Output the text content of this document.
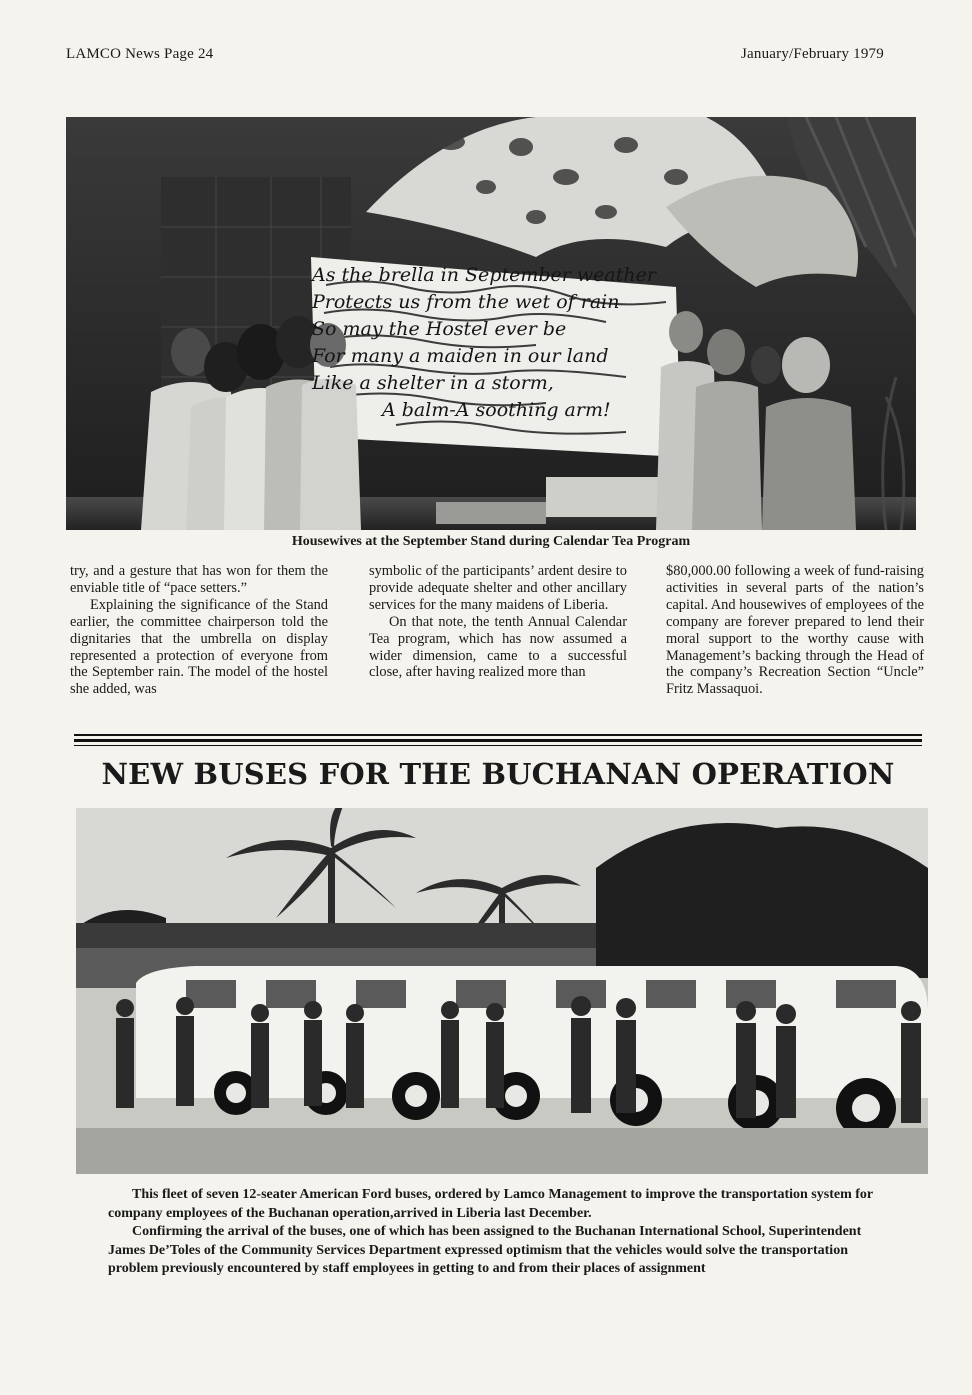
LAMCO News Page 24	January/February 1979
Housewives at the September Stand during Calendar Tea Program

try, and a gesture that has won for them the enviable title of “pace setters.”

Explaining the significance of the Stand earlier, the committee chairperson told the dignitaries that the umbrella on display represented a protection of everyone from the September rain. The model of the hostel she added, was

symbolic of the participants’ ardent desire to provide adequate shelter and other ancillary services for the many maidens of Liberia.

On that note, the tenth Annual Calendar Tea program, which has now assumed a wider dimension, came to a successful close, after having realized more than

$80,000.00 following a week of fund-raising activities in several parts of the nation’s capital. And housewives of employees of the company are forever prepared to lend their moral support to the worthy cause with Management’s backing through the Head of the company’s Recreation Section “Uncle” Fritz Massaquoi.

NEW BUSES FOR THE BUCHANAN OPERATION

This fleet of seven 12-seater American Ford buses, ordered by Lamco Management to improve the transportation system for company employees of the Buchanan operation,arrived in Liberia last December.

Confirming the arrival of the buses, one of which has been assigned to the Buchanan International School, Superintendent James De’Toles of the Community Services Department expressed optimism that the vehicles would solve the transportation problem previously encountered by staff employees in getting to and from their places of assignment

As the brella in September weather
Protects us from the wet of rain
So may the Hostel ever be
For many a maiden in our land
Like a shelter in a storm,
A balm-A soothing arm!
